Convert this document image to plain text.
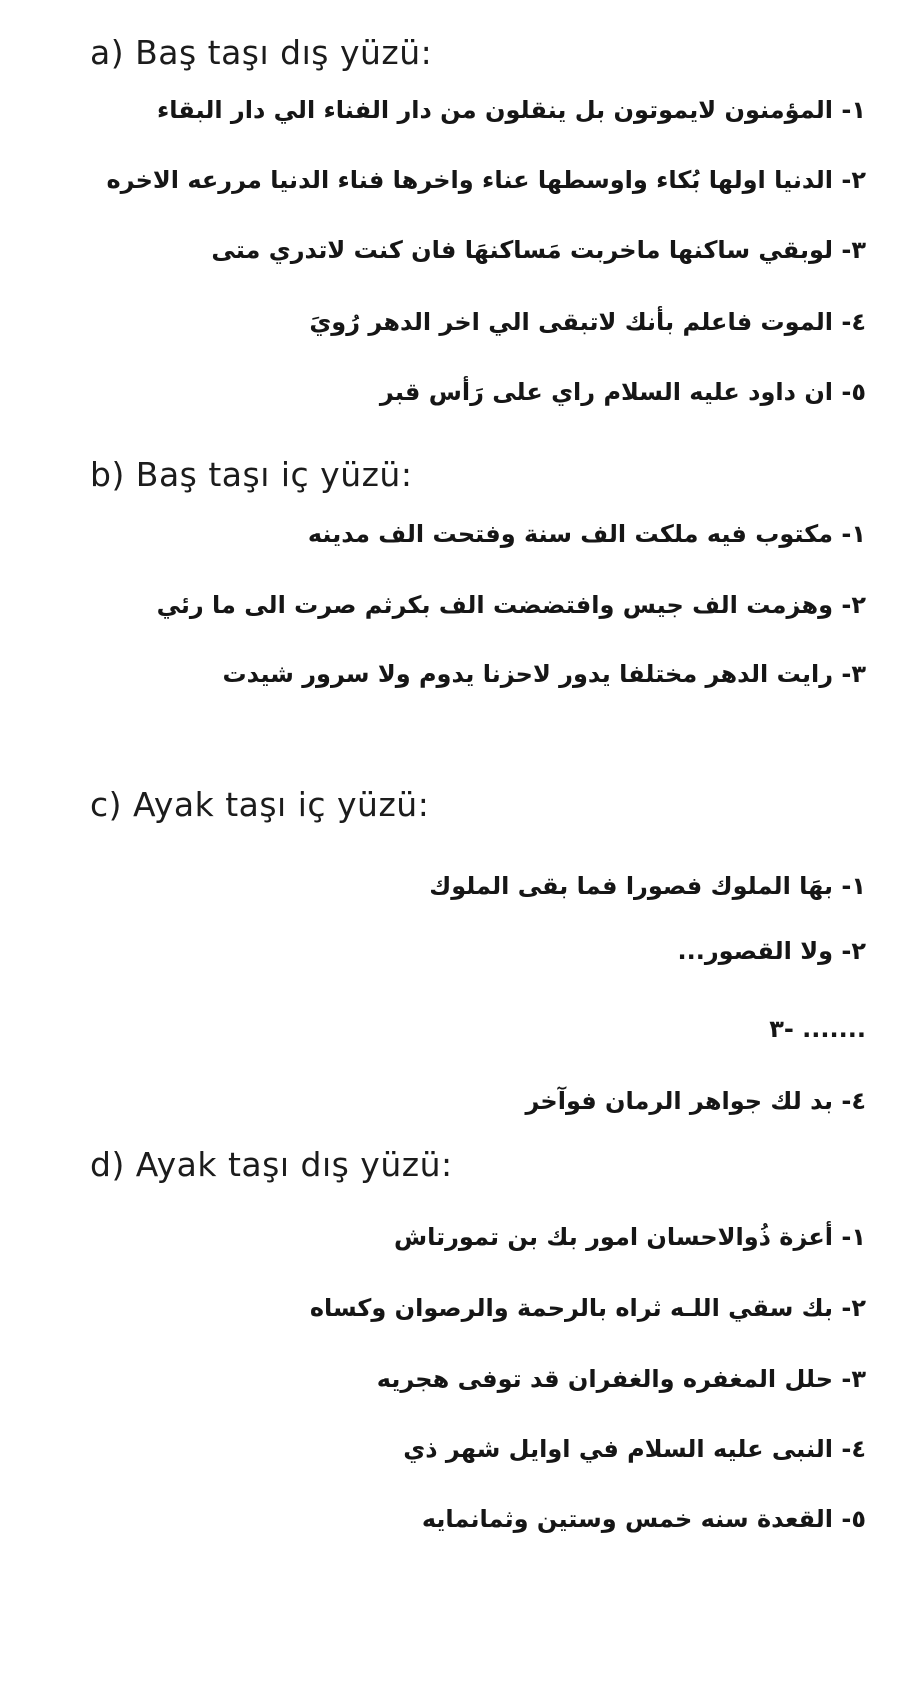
a) Baş taşı dış yüzü:
١- المؤمنون لايموتون بل ينقلون من دار الفناء الي دار البقاء
٢- الدنيا اولها بُكاء واوسطها عناء واخرها فناء الدنيا مررعه الاخره
٣- لوبقي ساكنها ماخربت مَساكنهَا فان كنت لاتدري متى
٤- الموت فاعلم بأنك لاتبقى الي اخر الدهر رُويَ
٥- ان داود عليه السلام راي على رَأس قبر
b) Baş taşı iç yüzü:
١- مكتوب فيه ملكت الف سنة وفتحت الف مدينه
٢- وهزمت الف جيس وافتضضت الف بكرثم صرت الى ما رئي
٣- رايت الدهر مختلفا يدور لاحزنا يدوم ولا سرور شيدت
c) Ayak taşı iç yüzü:
١- بهَا الملوك فصورا فما بقى الملوك
٢- ولا القصور...
٣- .......
٤- بد لك جواهر الرمان فوآخر
d) Ayak taşı dış yüzü:
١- أعزة ذُوالاحسان امور بك بن تمورتاش
٢- بك سقي اللـه ثراه بالرحمة والرصوان وكساه
٣- حلل المغفره والغفران قد توفى هجريه
٤- النبى عليه السلام في اوايل شهر ذي
٥- القعدة سنه خمس وستين وثمانمايه
